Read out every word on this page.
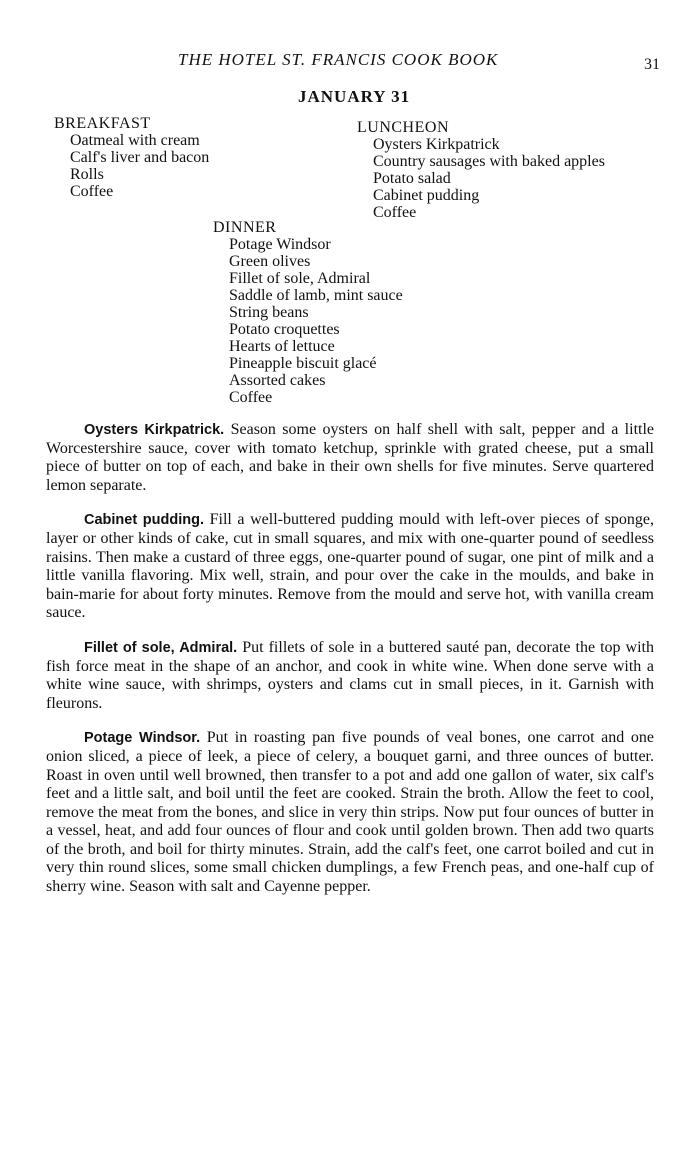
THE HOTEL ST. FRANCIS COOK BOOK	31
JANUARY 31
BREAKFAST
Oatmeal with cream
Calf's liver and bacon
Rolls
Coffee
LUNCHEON
Oysters Kirkpatrick
Country sausages with baked apples
Potato salad
Cabinet pudding
Coffee
DINNER
Potage Windsor
Green olives
Fillet of sole, Admiral
Saddle of lamb, mint sauce
String beans
Potato croquettes
Hearts of lettuce
Pineapple biscuit glacé
Assorted cakes
Coffee

Oysters Kirkpatrick. Season some oysters on half shell with salt, pepper and a little Worcestershire sauce, cover with tomato ketchup, sprinkle with grated cheese, put a small piece of butter on top of each, and bake in their own shells for five minutes. Serve quartered lemon separate.

Cabinet pudding. Fill a well-buttered pudding mould with left-over pieces of sponge, layer or other kinds of cake, cut in small squares, and mix with one-quarter pound of seedless raisins. Then make a custard of three eggs, one-quarter pound of sugar, one pint of milk and a little vanilla flavoring. Mix well, strain, and pour over the cake in the moulds, and bake in bain-marie for about forty minutes. Remove from the mould and serve hot, with vanilla cream sauce.

Fillet of sole, Admiral. Put fillets of sole in a buttered sauté pan, decorate the top with fish force meat in the shape of an anchor, and cook in white wine. When done serve with a white wine sauce, with shrimps, oysters and clams cut in small pieces, in it. Garnish with fleurons.

Potage Windsor. Put in roasting pan five pounds of veal bones, one carrot and one onion sliced, a piece of leek, a piece of celery, a bouquet garni, and three ounces of butter. Roast in oven until well browned, then transfer to a pot and add one gallon of water, six calf's feet and a little salt, and boil until the feet are cooked. Strain the broth. Allow the feet to cool, remove the meat from the bones, and slice in very thin strips. Now put four ounces of butter in a vessel, heat, and add four ounces of flour and cook until golden brown. Then add two quarts of the broth, and boil for thirty minutes. Strain, add the calf's feet, one carrot boiled and cut in very thin round slices, some small chicken dumplings, a few French peas, and one-half cup of sherry wine. Season with salt and Cayenne pepper.
